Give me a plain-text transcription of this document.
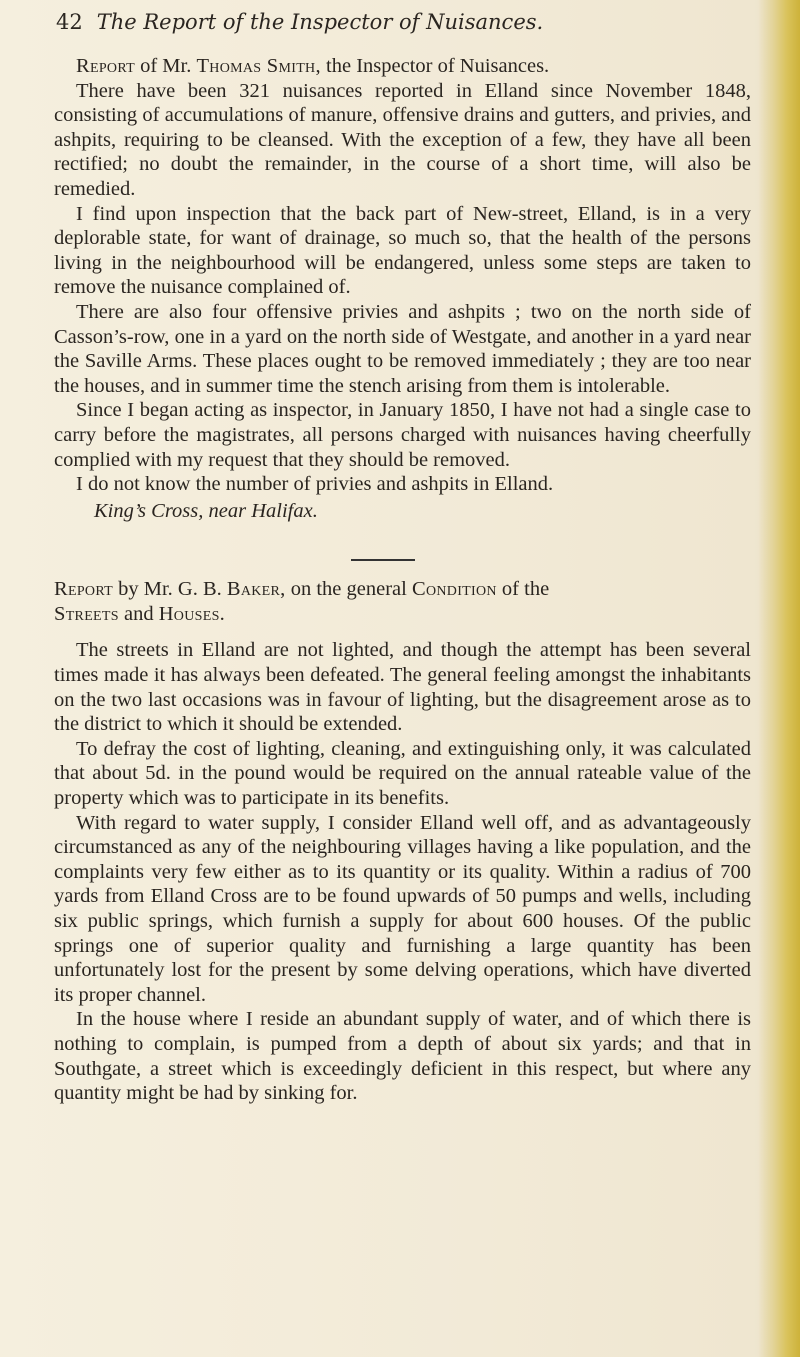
42 The Report of the Inspector of Nuisances.

Report of Mr. Thomas Smith, the Inspector of Nuisances.

There have been 321 nuisances reported in Elland since November 1848, consisting of accumulations of manure, offensive drains and gutters, and privies, and ashpits, requiring to be cleansed. With the exception of a few, they have all been rectified; no doubt the remainder, in the course of a short time, will also be remedied.

I find upon inspection that the back part of New-street, Elland, is in a very deplorable state, for want of drainage, so much so, that the health of the persons living in the neighbourhood will be endangered, unless some steps are taken to remove the nuisance complained of.

There are also four offensive privies and ashpits ; two on the north side of Casson’s-row, one in a yard on the north side of Westgate, and another in a yard near the Saville Arms. These places ought to be removed immediately ; they are too near the houses, and in summer time the stench arising from them is intolerable.

Since I began acting as inspector, in January 1850, I have not had a single case to carry before the magistrates, all persons charged with nuisances having cheerfully complied with my request that they should be removed.

I do not know the number of privies and ashpits in Elland.

King’s Cross, near Halifax.

Report by Mr. G. B. Baker, on the general Condition of the

Streets and Houses.

The streets in Elland are not lighted, and though the attempt has been several times made it has always been defeated. The general feeling amongst the inhabitants on the two last occasions was in favour of lighting, but the disagreement arose as to the district to which it should be extended.

To defray the cost of lighting, cleaning, and extinguishing only, it was calculated that about 5d. in the pound would be required on the annual rateable value of the property which was to participate in its benefits.

With regard to water supply, I consider Elland well off, and as advantageously circumstanced as any of the neighbouring villages having a like population, and the complaints very few either as to its quantity or its quality. Within a radius of 700 yards from Elland Cross are to be found upwards of 50 pumps and wells, including six public springs, which furnish a supply for about 600 houses. Of the public springs one of superior quality and furnishing a large quantity has been unfortunately lost for the present by some delving operations, which have diverted its proper channel.

In the house where I reside an abundant supply of water, and of which there is nothing to complain, is pumped from a depth of about six yards; and that in Southgate, a street which is exceedingly deficient in this respect, but where any quantity might be had by sinking for.
